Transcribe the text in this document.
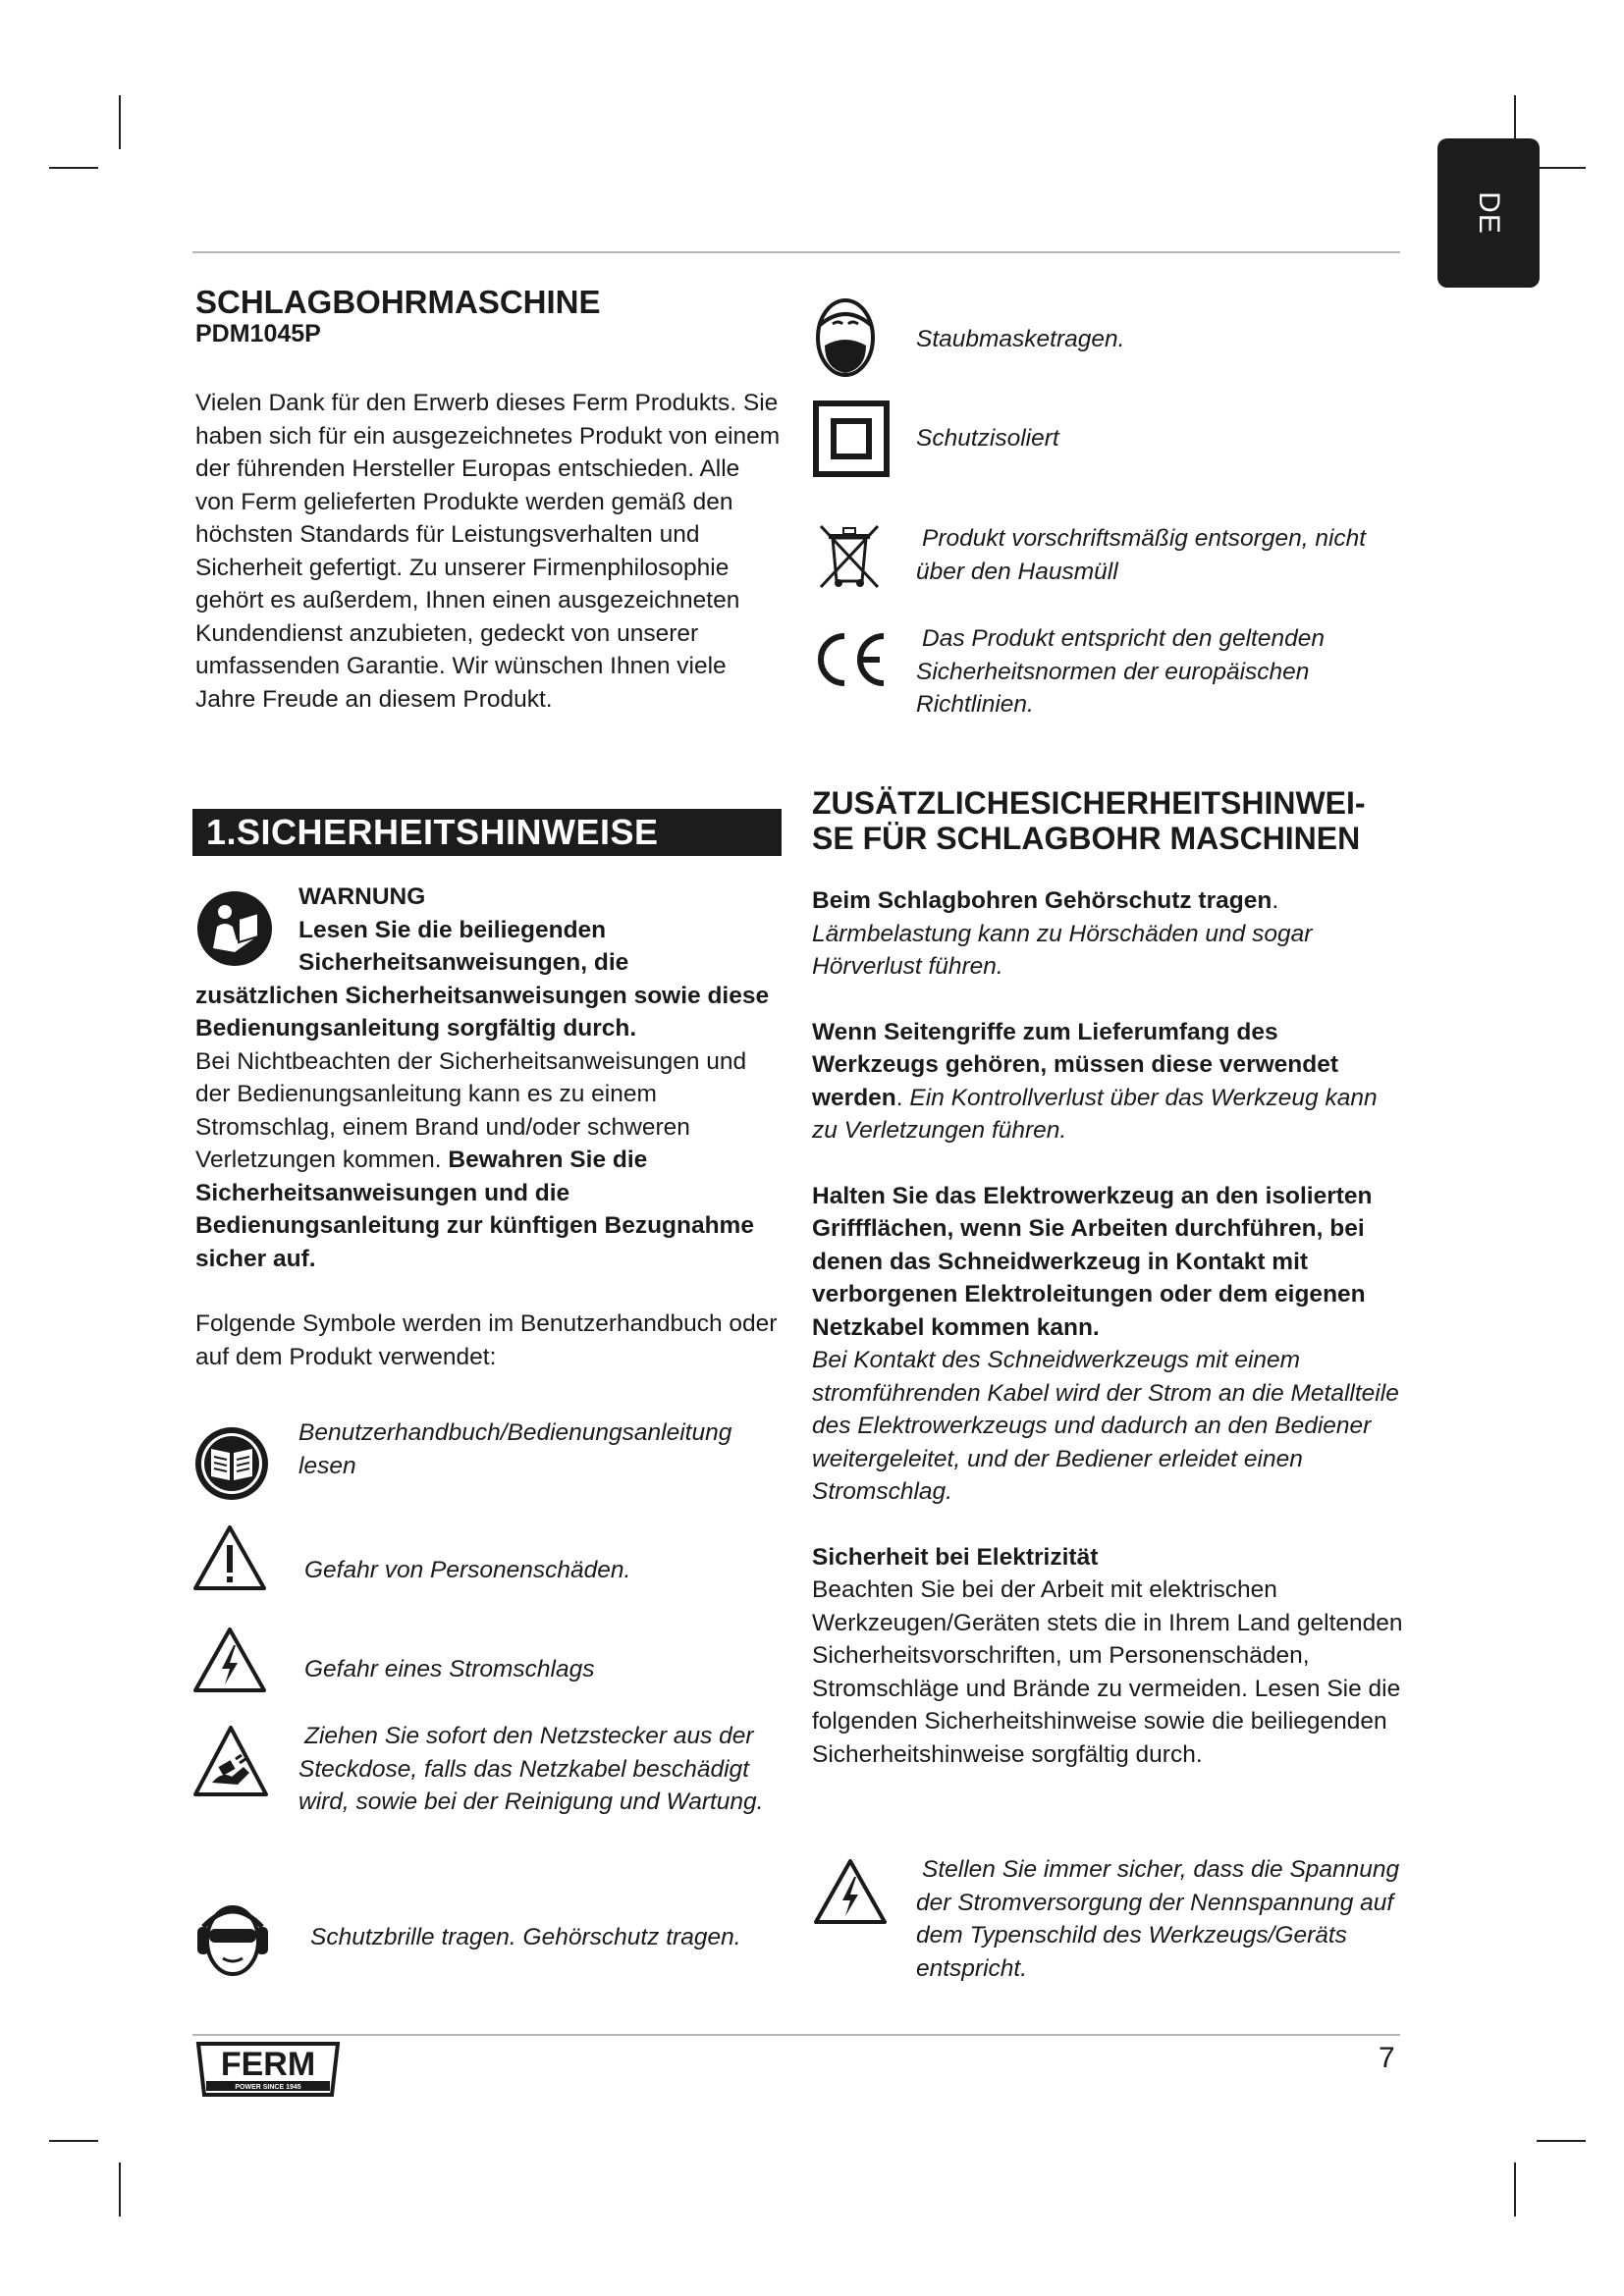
DE

SCHLAGBOHRMASCHINE

PDM1045P

Vielen Dank für den Erwerb dieses Ferm Produkts. Sie haben sich für ein ausgezeichnetes Produkt von einem der führenden Hersteller Europas entschieden. Alle von Ferm gelieferten Produkte werden gemäß den höchsten Standards für Leistungsverhalten und Sicherheit gefertigt. Zu unserer Firmenphilosophie gehört es außerdem, Ihnen einen ausgezeichneten Kundendienst anzubieten, gedeckt von unserer umfassenden Garantie. Wir wünschen Ihnen viele Jahre Freude an diesem Produkt.

1.SICHERHEITSHINWEISE

WARNUNG

Lesen Sie die beiliegenden

Sicherheitsanweisungen, die

zusätzlichen Sicherheitsanweisungen sowie diese Bedienungsanleitung sorgfältig durch.

Bei Nichtbeachten der Sicherheitsanweisungen und der Bedienungsanleitung kann es zu einem Stromschlag, einem Brand und/oder schweren Verletzungen kommen. Bewahren Sie die Sicherheitsanweisungen und die Bedienungsanleitung zur künftigen Bezugnahme sicher auf.

Folgende Symbole werden im Benutzerhandbuch oder auf dem Produkt verwendet:

Benutzerhandbuch/Bedienungsanleitung lesen
Gefahr von Personenschäden.
Gefahr eines Stromschlags
Ziehen Sie sofort den Netzstecker aus der Steckdose, falls das Netzkabel beschädigt wird, sowie bei der Reinigung und Wartung.
Schutzbrille tragen. Gehörschutz tragen.
Staubmasketragen.
Schutzisoliert
Produkt vorschriftsmäßig entsorgen, nicht über den Hausmüll
Das Produkt entspricht den geltenden Sicherheitsnormen der europäischen Richtlinien.
ZUSÄTZLICHESICHERHEITSHINWEI-
SE FÜR SCHLAGBOHR MASCHINEN

Beim Schlagbohren Gehörschutz tragen.
Lärmbelastung kann zu Hörschäden und sogar Hörverlust führen.

Wenn Seitengriffe zum Lieferumfang des Werkzeugs gehören, müssen diese verwendet werden. Ein Kontrollverlust über das Werkzeug kann zu Verletzungen führen.

Halten Sie das Elektrowerkzeug an den isolierten Griffflächen, wenn Sie Arbeiten durchführen, bei denen das Schneidwerkzeug in Kontakt mit verborgenen Elektroleitungen oder dem eigenen Netzkabel kommen kann.
Bei Kontakt des Schneidwerkzeugs mit einem stromführenden Kabel wird der Strom an die Metallteile des Elektrowerkzeugs und dadurch an den Bediener weitergeleitet, und der Bediener erleidet einen Stromschlag.

Sicherheit bei Elektrizität

Beachten Sie bei der Arbeit mit elektrischen Werkzeugen/Geräten stets die in Ihrem Land geltenden Sicherheitsvorschriften, um Personenschäden, Stromschläge und Brände zu vermeiden. Lesen Sie die folgenden Sicherheitshinweise sowie die beiliegenden Sicherheitshinweise sorgfältig durch.

Stellen Sie immer sicher, dass die Spannung der Stromversorgung der Nennspannung auf dem Typenschild des Werkzeugs/Geräts entspricht.
FERM
POWER SINCE 1945
7
